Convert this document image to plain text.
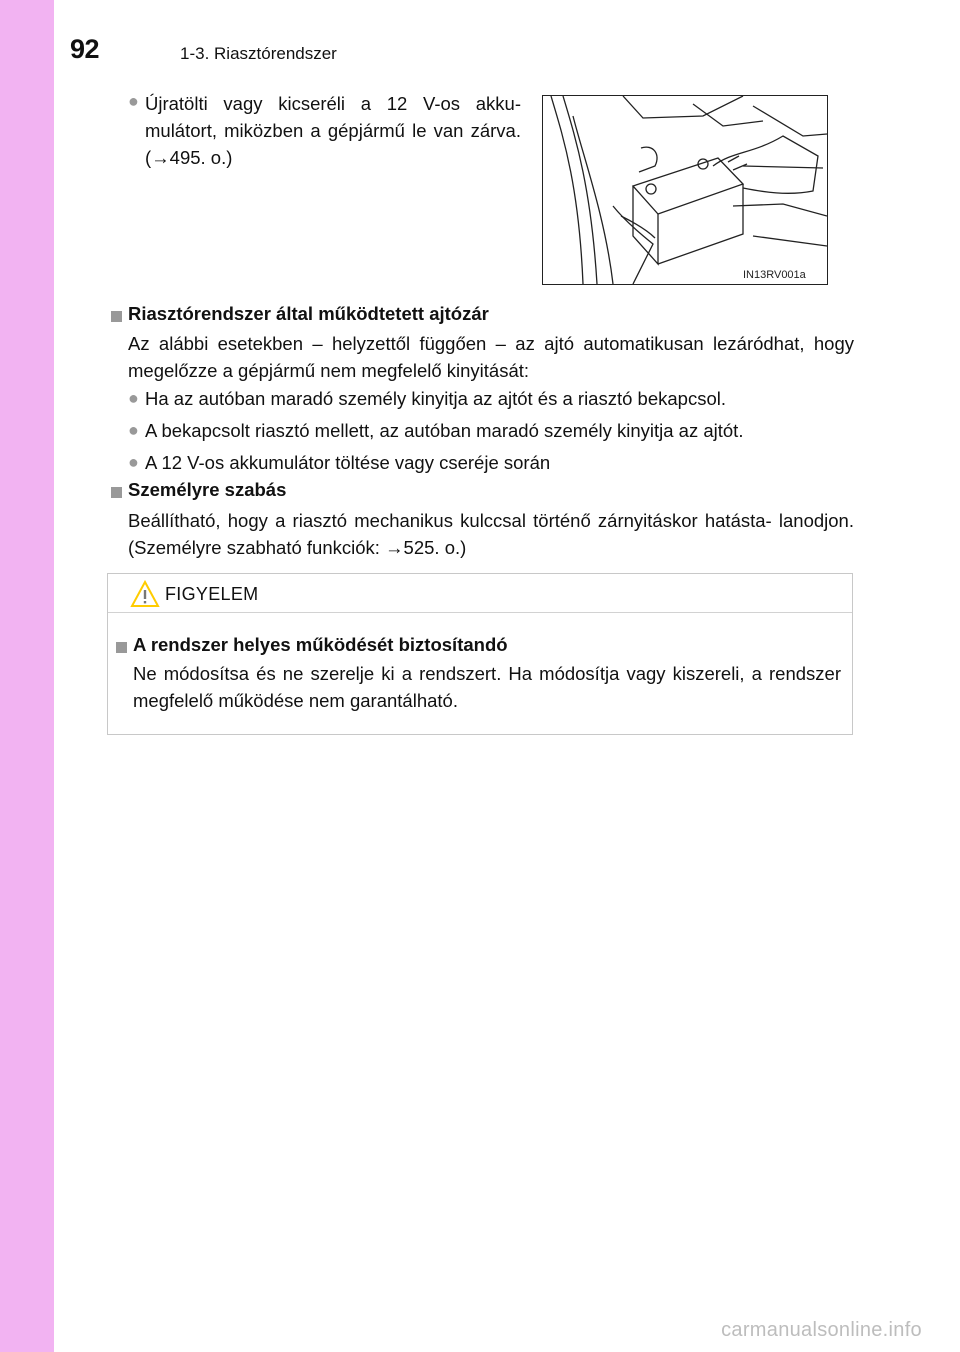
92	1-3. Riasztórendszer
● Újratölti vagy kicseréli a 12 V-os akku- mulátort, miközben a gépjármű le van zárva. (→495. o.)
IN13RV001a
Riasztórendszer által működtetett ajtózár
Az alábbi esetekben – helyzettől függően – az ajtó automatikusan lezáródhat, hogy megelőzze a gépjármű nem megfelelő kinyitását:
● Ha az autóban maradó személy kinyitja az ajtót és a riasztó bekapcsol.
● A bekapcsolt riasztó mellett, az autóban maradó személy kinyitja az ajtót.
● A 12 V-os akkumulátor töltése vagy cseréje során
Személyre szabás
Beállítható, hogy a riasztó mechanikus kulccsal történő zárnyitáskor hatásta- lanodjon. (Személyre szabható funkciók: →525. o.)
FIGYELEM
A rendszer helyes működését biztosítandó
Ne módosítsa és ne szerelje ki a rendszert. Ha módosítja vagy kiszereli, a rendszer megfelelő működése nem garantálható.
carmanualsonline.info
